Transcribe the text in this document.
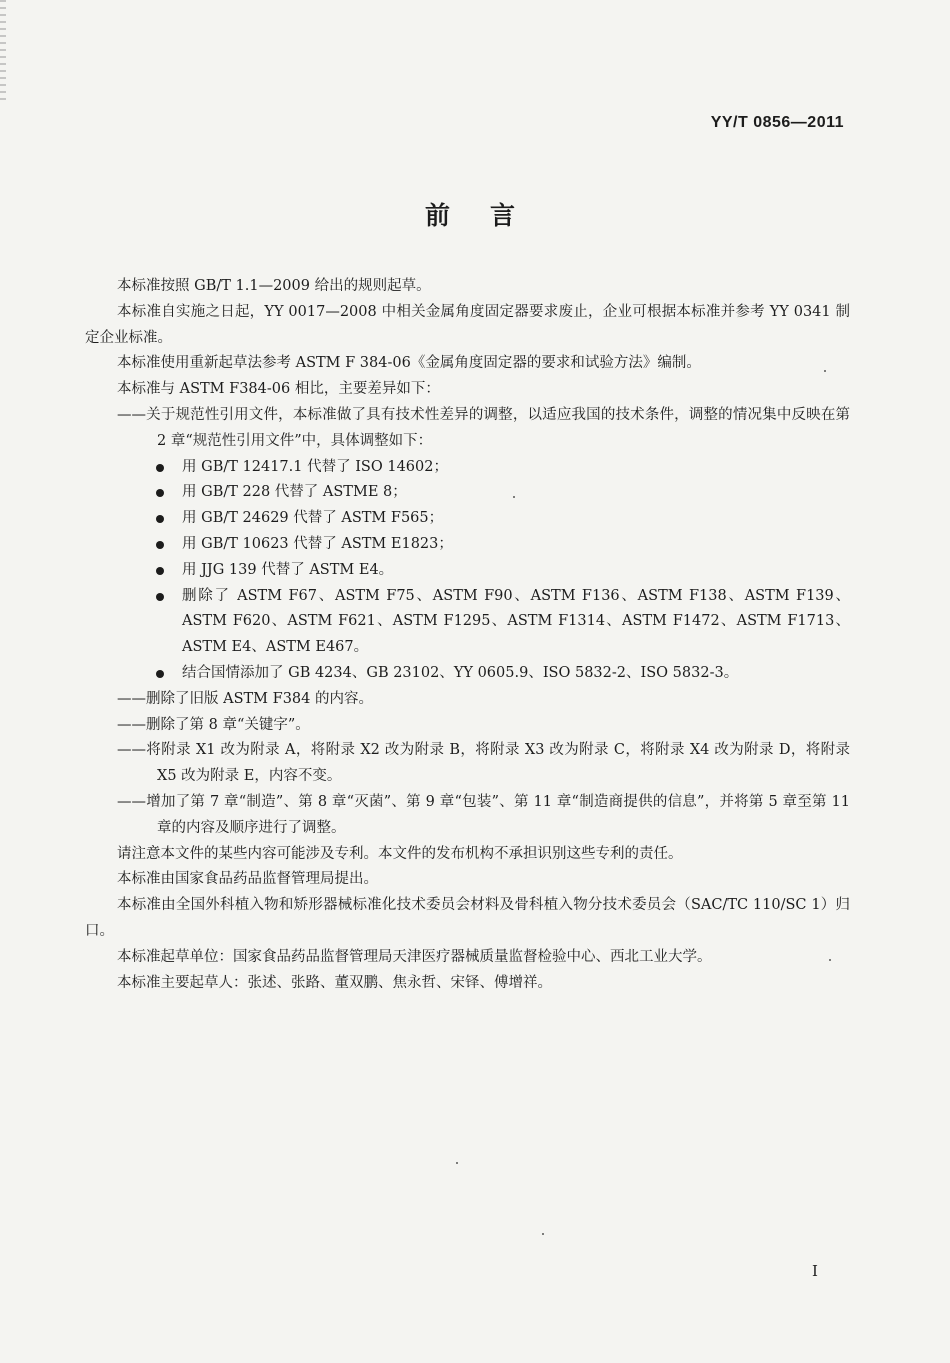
YY/T 0856—2011
前言

本标准按照 GB/T 1.1—2009 给出的规则起草。

本标准自实施之日起，YY 0017—2008 中相关金属角度固定器要求废止，企业可根据本标准并参考 YY 0341 制定企业标准。

本标准使用重新起草法参考 ASTM F 384-06《金属角度固定器的要求和试验方法》编制。

本标准与 ASTM F384-06 相比，主要差异如下：

——关于规范性引用文件，本标准做了具有技术性差异的调整，以适应我国的技术条件，调整的情况集中反映在第 2 章“规范性引用文件”中，具体调整如下：

用 GB/T 12417.1 代替了 ISO 14602；
用 GB/T 228 代替了 ASTME 8；
用 GB/T 24629 代替了 ASTM F565；
用 GB/T 10623 代替了 ASTM E1823；
用 JJG 139 代替了 ASTM E4。
删除了 ASTM F67、ASTM F75、ASTM F90、ASTM F136、ASTM F138、ASTM F139、ASTM F620、ASTM F621、ASTM F1295、ASTM F1314、ASTM F1472、ASTM F1713、ASTM E4、ASTM E467。
结合国情添加了 GB 4234、GB 23102、YY 0605.9、ISO 5832-2、ISO 5832-3。

——删除了旧版 ASTM F384 的内容。

——删除了第 8 章“关键字”。

——将附录 X1 改为附录 A，将附录 X2 改为附录 B，将附录 X3 改为附录 C，将附录 X4 改为附录 D，将附录 X5 改为附录 E，内容不变。

——增加了第 7 章“制造”、第 8 章“灭菌”、第 9 章“包装”、第 11 章“制造商提供的信息”，并将第 5 章至第 11 章的内容及顺序进行了调整。

请注意本文件的某些内容可能涉及专利。本文件的发布机构不承担识别这些专利的责任。

本标准由国家食品药品监督管理局提出。

本标准由全国外科植入物和矫形器械标准化技术委员会材料及骨科植入物分技术委员会（SAC/TC 110/SC 1）归口。

本标准起草单位：国家食品药品监督管理局天津医疗器械质量监督检验中心、西北工业大学。

本标准主要起草人：张述、张路、董双鹏、焦永哲、宋铎、傅增祥。

I
